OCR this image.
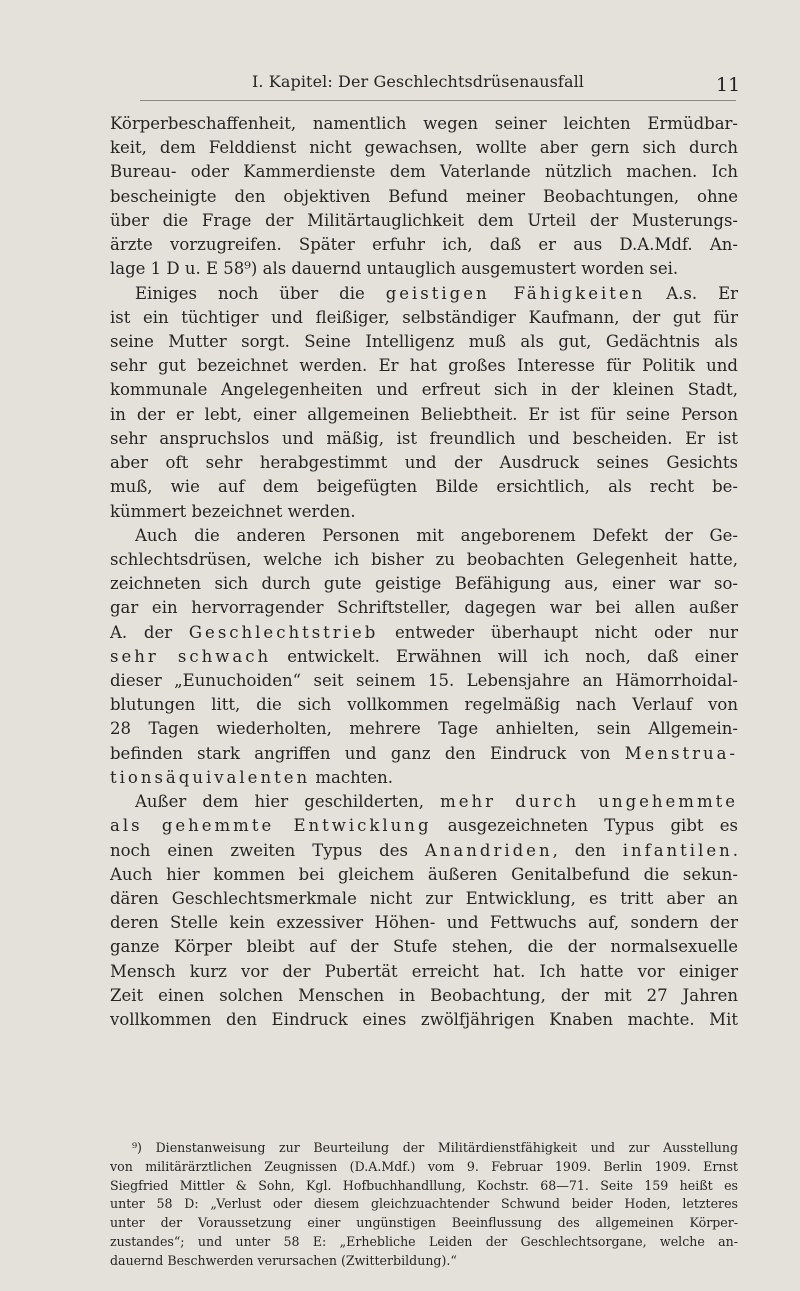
I. Kapitel: Der Geschlechtsdrüsenausfall	11
Körperbeschaffenheit, namentlich wegen seiner leichten Ermüdbar-
keit, dem Felddienst nicht gewachsen, wollte aber gern sich durch
Bureau- oder Kammerdienste dem Vaterlande nützlich machen. Ich
bescheinigte den objektiven Befund meiner Beobachtungen, ohne
über die Frage der Militärtauglichkeit dem Urteil der Musterungs-
ärzte vorzugreifen. Später erfuhr ich, daß er aus D.A.Mdf. An-
lage 1 D u. E 58⁹) als dauernd untauglich ausgemustert worden sei.
Einiges noch über die geistigen Fähigkeiten A.s. Er
ist ein tüchtiger und fleißiger, selbständiger Kaufmann, der gut für
seine Mutter sorgt. Seine Intelligenz muß als gut, Gedächtnis als
sehr gut bezeichnet werden. Er hat großes Interesse für Politik und
kommunale Angelegenheiten und erfreut sich in der kleinen Stadt,
in der er lebt, einer allgemeinen Beliebtheit. Er ist für seine Person
sehr anspruchslos und mäßig, ist freundlich und bescheiden. Er ist
aber oft sehr herabgestimmt und der Ausdruck seines Gesichts
muß, wie auf dem beigefügten Bilde ersichtlich, als recht be-
kümmert bezeichnet werden.
Auch die anderen Personen mit angeborenem Defekt der Ge-
schlechtsdrüsen, welche ich bisher zu beobachten Gelegenheit hatte,
zeichneten sich durch gute geistige Befähigung aus, einer war so-
gar ein hervorragender Schriftsteller, dagegen war bei allen außer
A. der Geschlechtstrieb entweder überhaupt nicht oder nur
sehr schwach entwickelt. Erwähnen will ich noch, daß einer
dieser „Eunuchoiden“ seit seinem 15. Lebensjahre an Hämorrhoidal-
blutungen litt, die sich vollkommen regelmäßig nach Verlauf von
28 Tagen wiederholten, mehrere Tage anhielten, sein Allgemein-
befinden stark angriffen und ganz den Eindruck von Menstrua-
tionsäquivalenten machten.
Außer dem hier geschilderten, mehr durch ungehemmte
als gehemmte Entwicklung ausgezeichneten Typus gibt es
noch einen zweiten Typus des Anandriden, den infantilen.
Auch hier kommen bei gleichem äußeren Genitalbefund die sekun-
dären Geschlechtsmerkmale nicht zur Entwicklung, es tritt aber an
deren Stelle kein exzessiver Höhen- und Fettwuchs auf, sondern der
ganze Körper bleibt auf der Stufe stehen, die der normalsexuelle
Mensch kurz vor der Pubertät erreicht hat. Ich hatte vor einiger
Zeit einen solchen Menschen in Beobachtung, der mit 27 Jahren
vollkommen den Eindruck eines zwölfjährigen Knaben machte. Mit
⁹) Dienstanweisung zur Beurteilung der Militärdienstfähigkeit und zur Ausstellung
von militärärztlichen Zeugnissen (D.A.Mdf.) vom 9. Februar 1909. Berlin 1909. Ernst
Siegfried Mittler & Sohn, Kgl. Hofbuchhandllung, Kochstr. 68—71. Seite 159 heißt es
unter 58 D: „Verlust oder diesem gleichzuachtender Schwund beider Hoden, letzteres
unter der Voraussetzung einer ungünstigen Beeinflussung des allgemeinen Körper-
zustandes“; und unter 58 E: „Erhebliche Leiden der Geschlechtsorgane, welche an-
dauernd Beschwerden verursachen (Zwitterbildung).“
